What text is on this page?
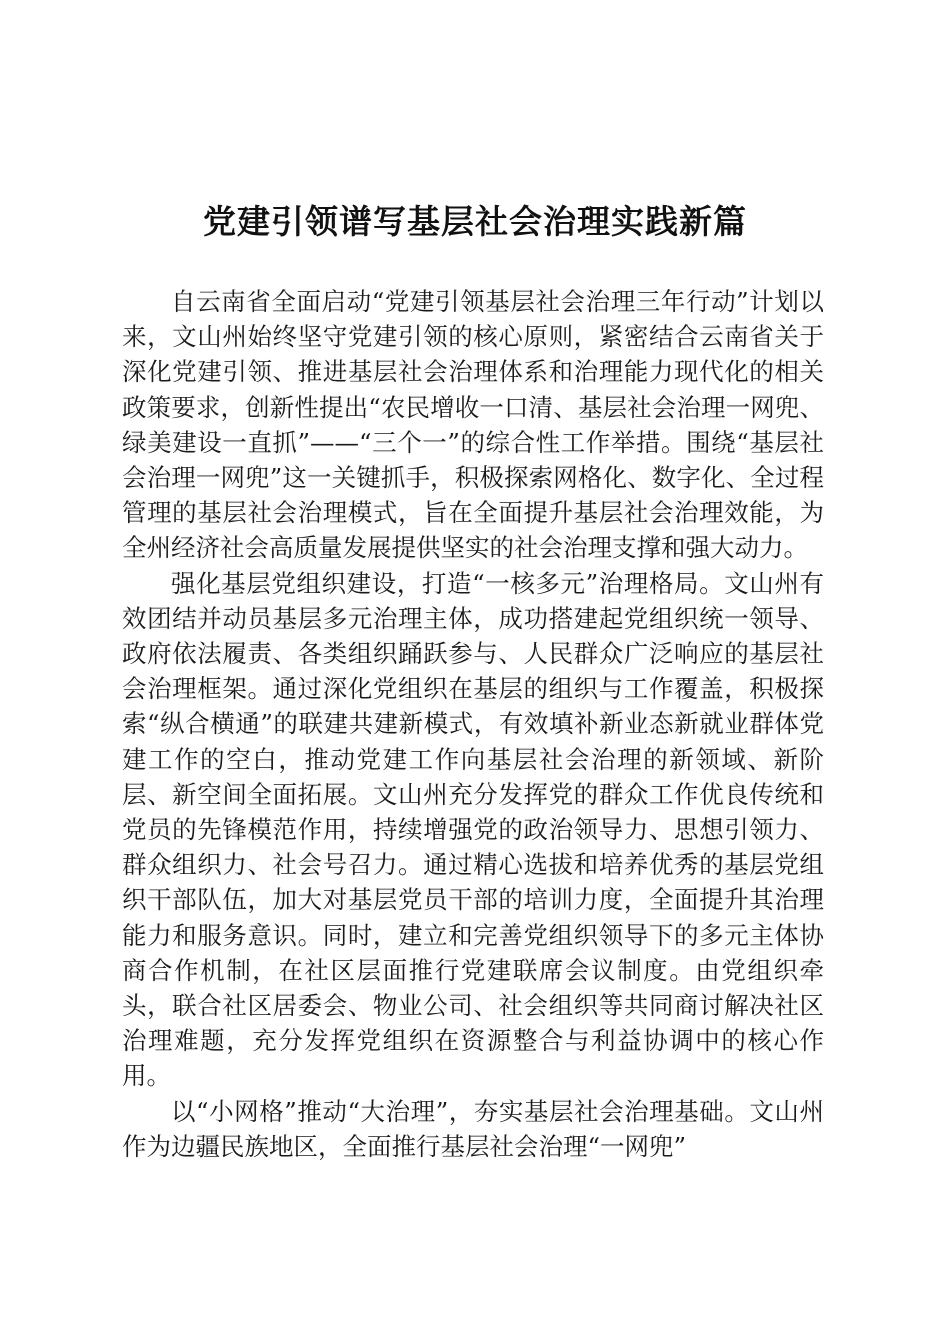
党建引领谱写基层社会治理实践新篇

自云南省全面启动“党建引领基层社会治理三年行动”计划以来，文山州始终坚守党建引领的核心原则，紧密结合云南省关于深化党建引领、推进基层社会治理体系和治理能力现代化的相关政策要求，创新性提出“农民增收一口清、基层社会治理一网兜、绿美建设一直抓”——“三个一”的综合性工作举措。围绕“基层社会治理一网兜”这一关键抓手，积极探索网格化、数字化、全过程管理的基层社会治理模式，旨在全面提升基层社会治理效能，为全州经济社会高质量发展提供坚实的社会治理支撑和强大动力。

强化基层党组织建设，打造“一核多元”治理格局。文山州有效团结并动员基层多元治理主体，成功搭建起党组织统一领导、政府依法履责、各类组织踊跃参与、人民群众广泛响应的基层社会治理框架。通过深化党组织在基层的组织与工作覆盖，积极探索“纵合横通”的联建共建新模式，有效填补新业态新就业群体党建工作的空白，推动党建工作向基层社会治理的新领域、新阶层、新空间全面拓展。文山州充分发挥党的群众工作优良传统和党员的先锋模范作用，持续增强党的政治领导力、思想引领力、群众组织力、社会号召力。通过精心选拔和培养优秀的基层党组织干部队伍，加大对基层党员干部的培训力度，全面提升其治理能力和服务意识。同时，建立和完善党组织领导下的多元主体协商合作机制，在社区层面推行党建联席会议制度。由党组织牵头，联合社区居委会、物业公司、社会组织等共同商讨解决社区治理难题，充分发挥党组织在资源整合与利益协调中的核心作用。

以“小网格”推动“大治理”，夯实基层社会治理基础。文山州作为边疆民族地区，全面推行基层社会治理“一网兜”
